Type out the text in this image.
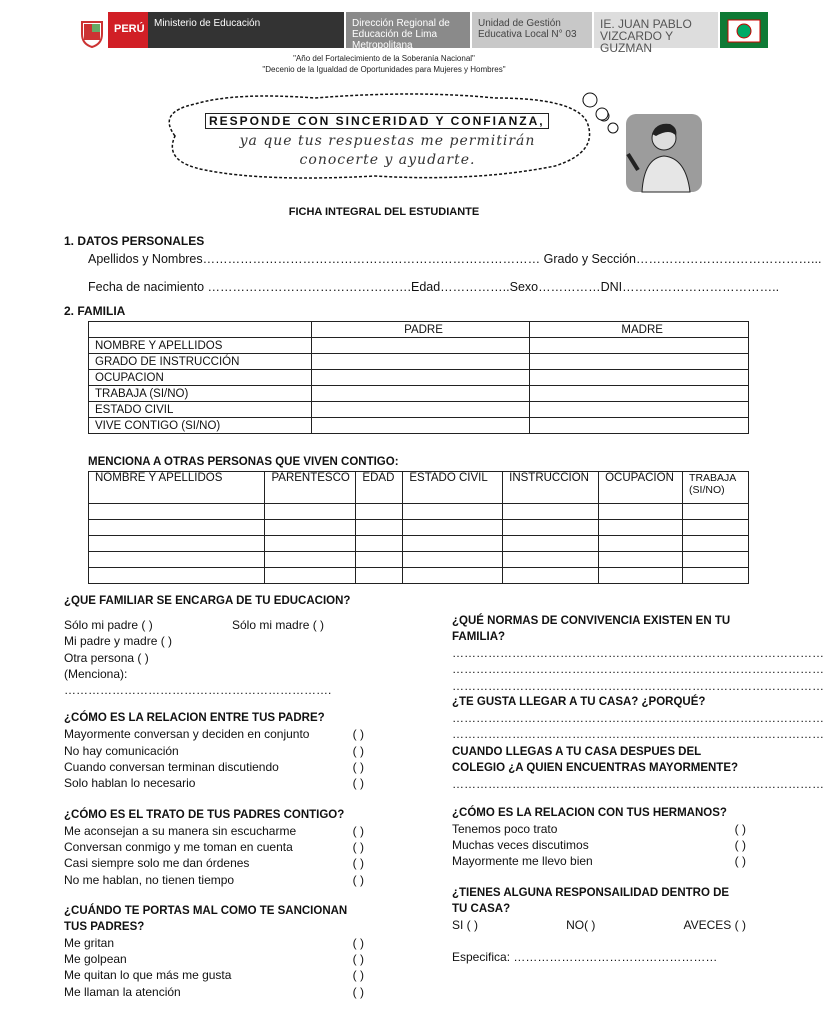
PERÚ Ministerio de Educación	Dirección Regional de Educación de Lima Metropolitana
Unidad de Gestión Educativa Local N° 03
IE. JUAN PABLO VIZCARDO Y GUZMAN
"Año del Fortalecimiento de la Soberanía Nacional"
"Decenio de la Igualdad de Oportunidades para Mujeres y Hombres"
RESPONDE CON SINCERIDAD Y CONFIANZA,
ya que tus respuestas me permitirán
conocerte y ayudarte.
FICHA INTEGRAL DEL ESTUDIANTE
1. DATOS PERSONALES
Apellidos y Nombres……………………………………………………………………… Grado y Sección……………………………………...
Fecha de nacimiento ………………………………………….Edad……………..Sexo……………DNI………………………………..
2. FAMILIA
	PADRE	MADRE
NOMBRE Y APELLIDOS		
GRADO DE INSTRUCCIÓN		
OCUPACION		
TRABAJA (SI/NO)		
ESTADO CIVIL		
VIVE CONTIGO (SI/NO)		
MENCIONA A OTRAS PERSONAS QUE VIVEN CONTIGO:
NOMBRE Y APELLIDOS	PARENTESCO	EDAD	ESTADO CIVIL	INSTRUCCION	OCUPACION	TRABAJA (SI/NO)

¿QUE FAMILIAR SE ENCARGA DE TU EDUCACION?
Sólo mi padre ( )	Sólo mi madre ( )
Mi padre y madre ( )
Otra persona ( )
(Menciona): ………………………………………………………….
¿CÓMO ES LA RELACION ENTRE TUS PADRE?
Mayormente conversan y deciden en conjunto	( )
No hay comunicación	( )
Cuando conversan terminan discutiendo	( )
Solo hablan lo necesario	( )
¿CÓMO ES EL TRATO DE TUS PADRES CONTIGO?
Me aconsejan a su manera sin escucharme	( )
Conversan conmigo y me toman en cuenta	( )
Casi siempre solo me dan órdenes	( )
No me hablan, no tienen tiempo	( )
¿CUÁNDO TE PORTAS MAL COMO TE SANCIONAN TUS PADRES?
Me gritan	( )
Me golpean	( )
Me quitan lo que más me gusta	( )
Me llaman la atención	( )
¿QUÉ NORMAS DE CONVIVENCIA EXISTEN EN TU FAMILIA?
…………………………………………………………………………………
…………………………………………………………………………………
…………………………………………………………………………………
¿TE GUSTA LLEGAR A TU CASA? ¿PORQUÉ?
…………………………………………………………………………………
…………………………………………………………………………………
CUANDO LLEGAS A TU CASA DESPUES DEL COLEGIO ¿A QUIEN ENCUENTRAS MAYORMENTE?
…………………………………………………………………………………
¿CÓMO ES LA RELACION CON TUS HERMANOS?
Tenemos poco trato	( )
Muchas veces discutimos	( )
Mayormente me llevo bien	( )
¿TIENES ALGUNA RESPONSAILIDAD DENTRO DE TU CASA?
SI ( )	NO( )	AVECES ( )
Especifica: ……………………………………………
